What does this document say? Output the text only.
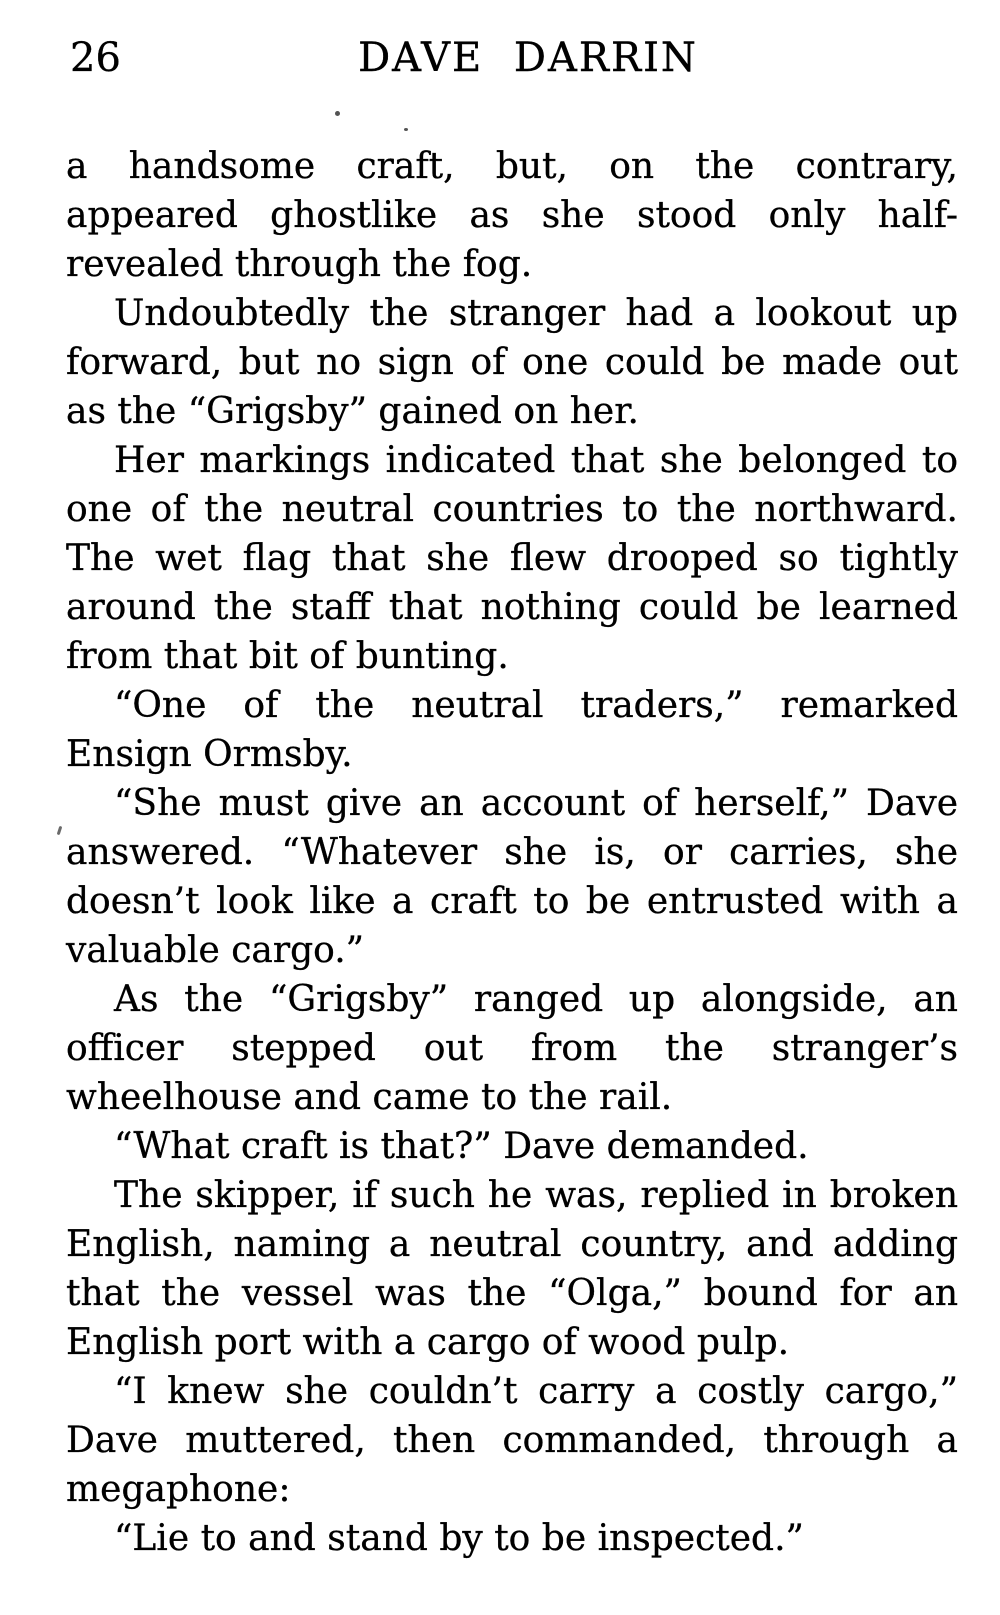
26	DAVE DARRIN

a handsome craft, but, on the contrary, appeared ghostlike as she stood only half-revealed through the fog.

Undoubtedly the stranger had a lookout up forward, but no sign of one could be made out as the “Grigsby” gained on her.

Her markings indicated that she belonged to one of the neutral countries to the northward. The wet flag that she flew drooped so tightly around the staff that nothing could be learned from that bit of bunting.

“One of the neutral traders,” remarked Ensign Ormsby.

“She must give an account of herself,” Dave answered. “Whatever she is, or carries, she doesn’t look like a craft to be entrusted with a valuable cargo.”

As the “Grigsby” ranged up alongside, an officer stepped out from the stranger’s wheelhouse and came to the rail.

“What craft is that?” Dave demanded.

The skipper, if such he was, replied in broken English, naming a neutral country, and adding that the vessel was the “Olga,” bound for an English port with a cargo of wood pulp.

“I knew she couldn’t carry a costly cargo,” Dave muttered, then commanded, through a megaphone:

“Lie to and stand by to be inspected.”
